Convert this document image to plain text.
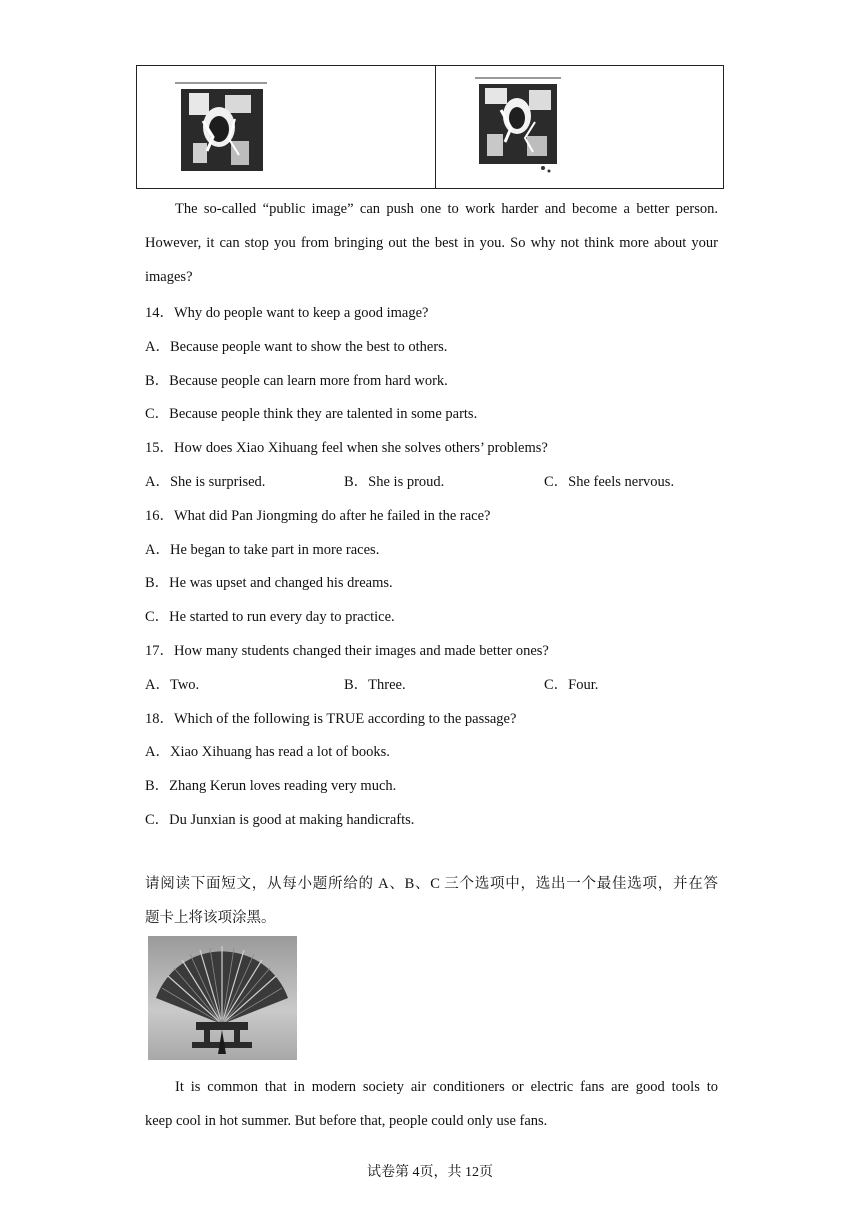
The so-called “public image” can push one to work harder and become a better person.
However, it can stop you from bringing out the best in you. So why not think more about your
images?
14．Why do people want to keep a good image?
A．Because people want to show the best to others.
B．Because people can learn more from hard work.
C．Because people think they are talented in some parts.
15．How does Xiao Xihuang feel when she solves others’ problems?
A．She is surprised.	B．She is proud.	C．She feels nervous.
16．What did Pan Jiongming do after he failed in the race?
A．He began to take part in more races.
B．He was upset and changed his dreams.
C．He started to run every day to practice.
17．How many students changed their images and made better ones?
A．Two.	B．Three.	C．Four.
18．Which of the following is TRUE according to the passage?
A．Xiao Xihuang has read a lot of books.
B．Zhang Kerun loves reading very much.
C．Du Junxian is good at making handicrafts.
请阅读下面短文，从每小题所给的 A、B、C 三个选项中，选出一个最佳选项，并在答
题卡上将该项涂黑。
It is common that in modern society air conditioners or electric fans are good tools to
keep cool in hot summer. But before that, people could only use fans.
试卷第 4页，共 12页
